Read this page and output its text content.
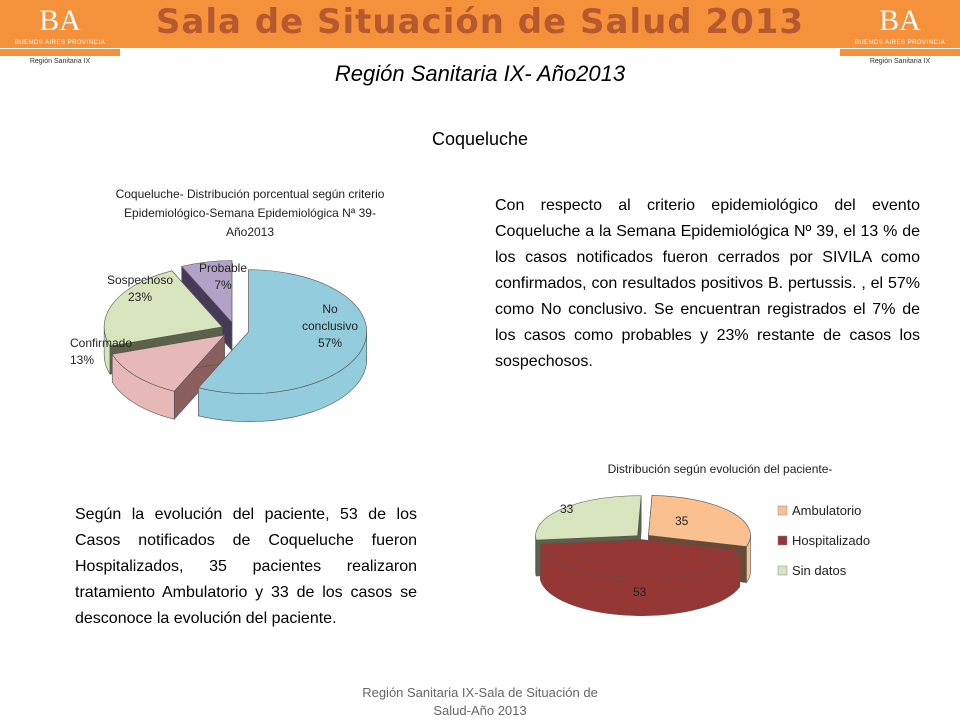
Sala de Situación de Salud 2013
BA
BUENOS AIRES PROVINCIA
Región Sanitaria IX
BA
BUENOS AIRES PROVINCIA
Región Sanitaria IX
Región Sanitaria IX- Año2013
Coqueluche
Coqueluche- Distribución porcentual según criterio
Epidemiológico-Semana Epidemiológica Nª 39-
Año2013
No conclusivo 57%
Confirmado 13%
Sospechoso 23%
Probable 7%
Con respecto al criterio epidemiológico del evento Coqueluche a la Semana Epidemiológica Nº 39, el 13 % de los casos notificados fueron cerrados por SIVILA como confirmados, con resultados positivos B. pertussis. , el 57% como No conclusivo. Se encuentran registrados el 7% de los casos como probables y 23% restante de casos los sospechosos.
Distribución según evolución del paciente-
35
53
33	Ambulatorio
Hospitalizado
Sin datos
Según la evolución del paciente, 53 de los Casos notificados de Coqueluche fueron Hospitalizados, 35 pacientes realizaron tratamiento Ambulatorio y 33 de los casos se desconoce la evolución del paciente.
Región Sanitaria IX-Sala de Situación de
Salud-Año 2013
